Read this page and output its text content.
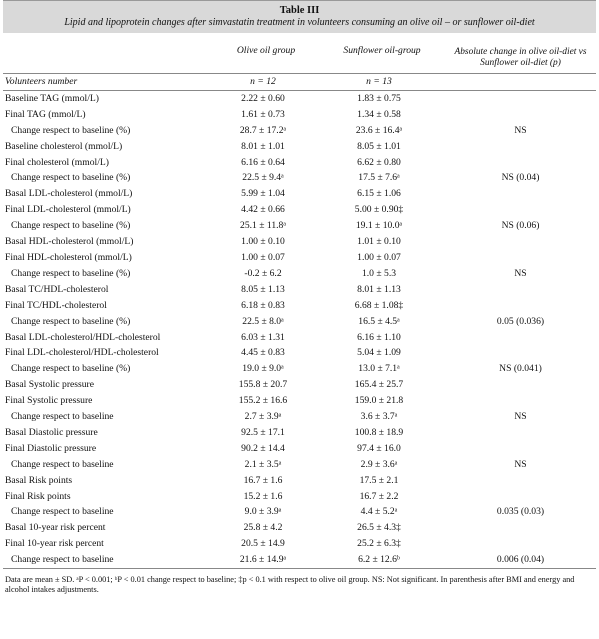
Table III
Lipid and lipoprotein changes after simvastatin treatment in volunteers consuming an olive oil – or sunflower oil-diet
	Olive oil group	Sunflower oil-group	Absolute change in olive oil-diet vs Sunflower oil-diet (p)
Volunteers number	n = 12	n = 13	
Baseline TAG (mmol/L)	2.22 ± 0.60	1.83 ± 0.75	
Final TAG (mmol/L)	1.61 ± 0.73	1.34 ± 0.58	
Change respect to baseline (%)	28.7 ± 17.2ᵃ	23.6 ± 16.4ᵃ	NS
Baseline cholesterol (mmol/L)	8.01 ± 1.01	8.05 ± 1.01	
Final cholesterol (mmol/L)	6.16 ± 0.64	6.62 ± 0.80	
Change respect to baseline (%)	22.5 ± 9.4ᵃ	17.5 ± 7.6ᵃ	NS (0.04)
Basal LDL-cholesterol (mmol/L)	5.99 ± 1.04	6.15 ± 1.06	
Final LDL-cholesterol (mmol/L)	4.42 ± 0.66	5.00 ± 0.90‡	
Change respect to baseline (%)	25.1 ± 11.8ᵃ	19.1 ± 10.0ᵃ	NS (0.06)
Basal HDL-cholesterol (mmol/L)	1.00 ± 0.10	1.01 ± 0.10	
Final HDL-cholesterol (mmol/L)	1.00 ± 0.07	1.00 ± 0.07	
Change respect to baseline (%)	-0.2 ± 6.2	1.0 ± 5.3	NS
Basal TC/HDL-cholesterol	8.05 ± 1.13	8.01 ± 1.13	
Final TC/HDL-cholesterol	6.18 ± 0.83	6.68 ± 1.08‡	
Change respect to baseline (%)	22.5 ± 8.0ᵃ	16.5 ± 4.5ᵃ	0.05 (0.036)
Basal LDL-cholesterol/HDL-cholesterol	6.03 ± 1.31	6.16 ± 1.10	
Final LDL-cholesterol/HDL-cholesterol	4.45 ± 0.83	5.04 ± 1.09	
Change respect to baseline (%)	19.0 ± 9.0ᵃ	13.0 ± 7.1ᵃ	NS (0.041)
Basal Systolic pressure	155.8 ± 20.7	165.4 ± 25.7	
Final Systolic pressure	155.2 ± 16.6	159.0 ± 21.8	
Change respect to baseline	2.7 ± 3.9ᵃ	3.6 ± 3.7ᵃ	NS
Basal Diastolic pressure	92.5 ± 17.1	100.8 ± 18.9	
Final Diastolic pressure	90.2 ± 14.4	97.4 ± 16.0	
Change respect to baseline	2.1 ± 3.5ᵃ	2.9 ± 3.6ᵃ	NS
Basal Risk points	16.7 ± 1.6	17.5 ± 2.1	
Final Risk points	15.2 ± 1.6	16.7 ± 2.2	
Change respect to baseline	9.0 ± 3.9ᵃ	4.4 ± 5.2ᵃ	0.035 (0.03)
Basal 10-year risk percent	25.8 ± 4.2	26.5 ± 4.3‡	
Final 10-year risk percent	20.5 ± 14.9	25.2 ± 6.3‡	
Change respect to baseline	21.6 ± 14.9ᵃ	6.2 ± 12.6ᵇ	0.006 (0.04)
Data are mean ± SD. ᵃP < 0.001; ᵇP < 0.01 change respect to baseline; ‡p < 0.1 with respect to olive oil group. NS: Not significant. In parenthesis after BMI and energy and alcohol intakes adjustments.
